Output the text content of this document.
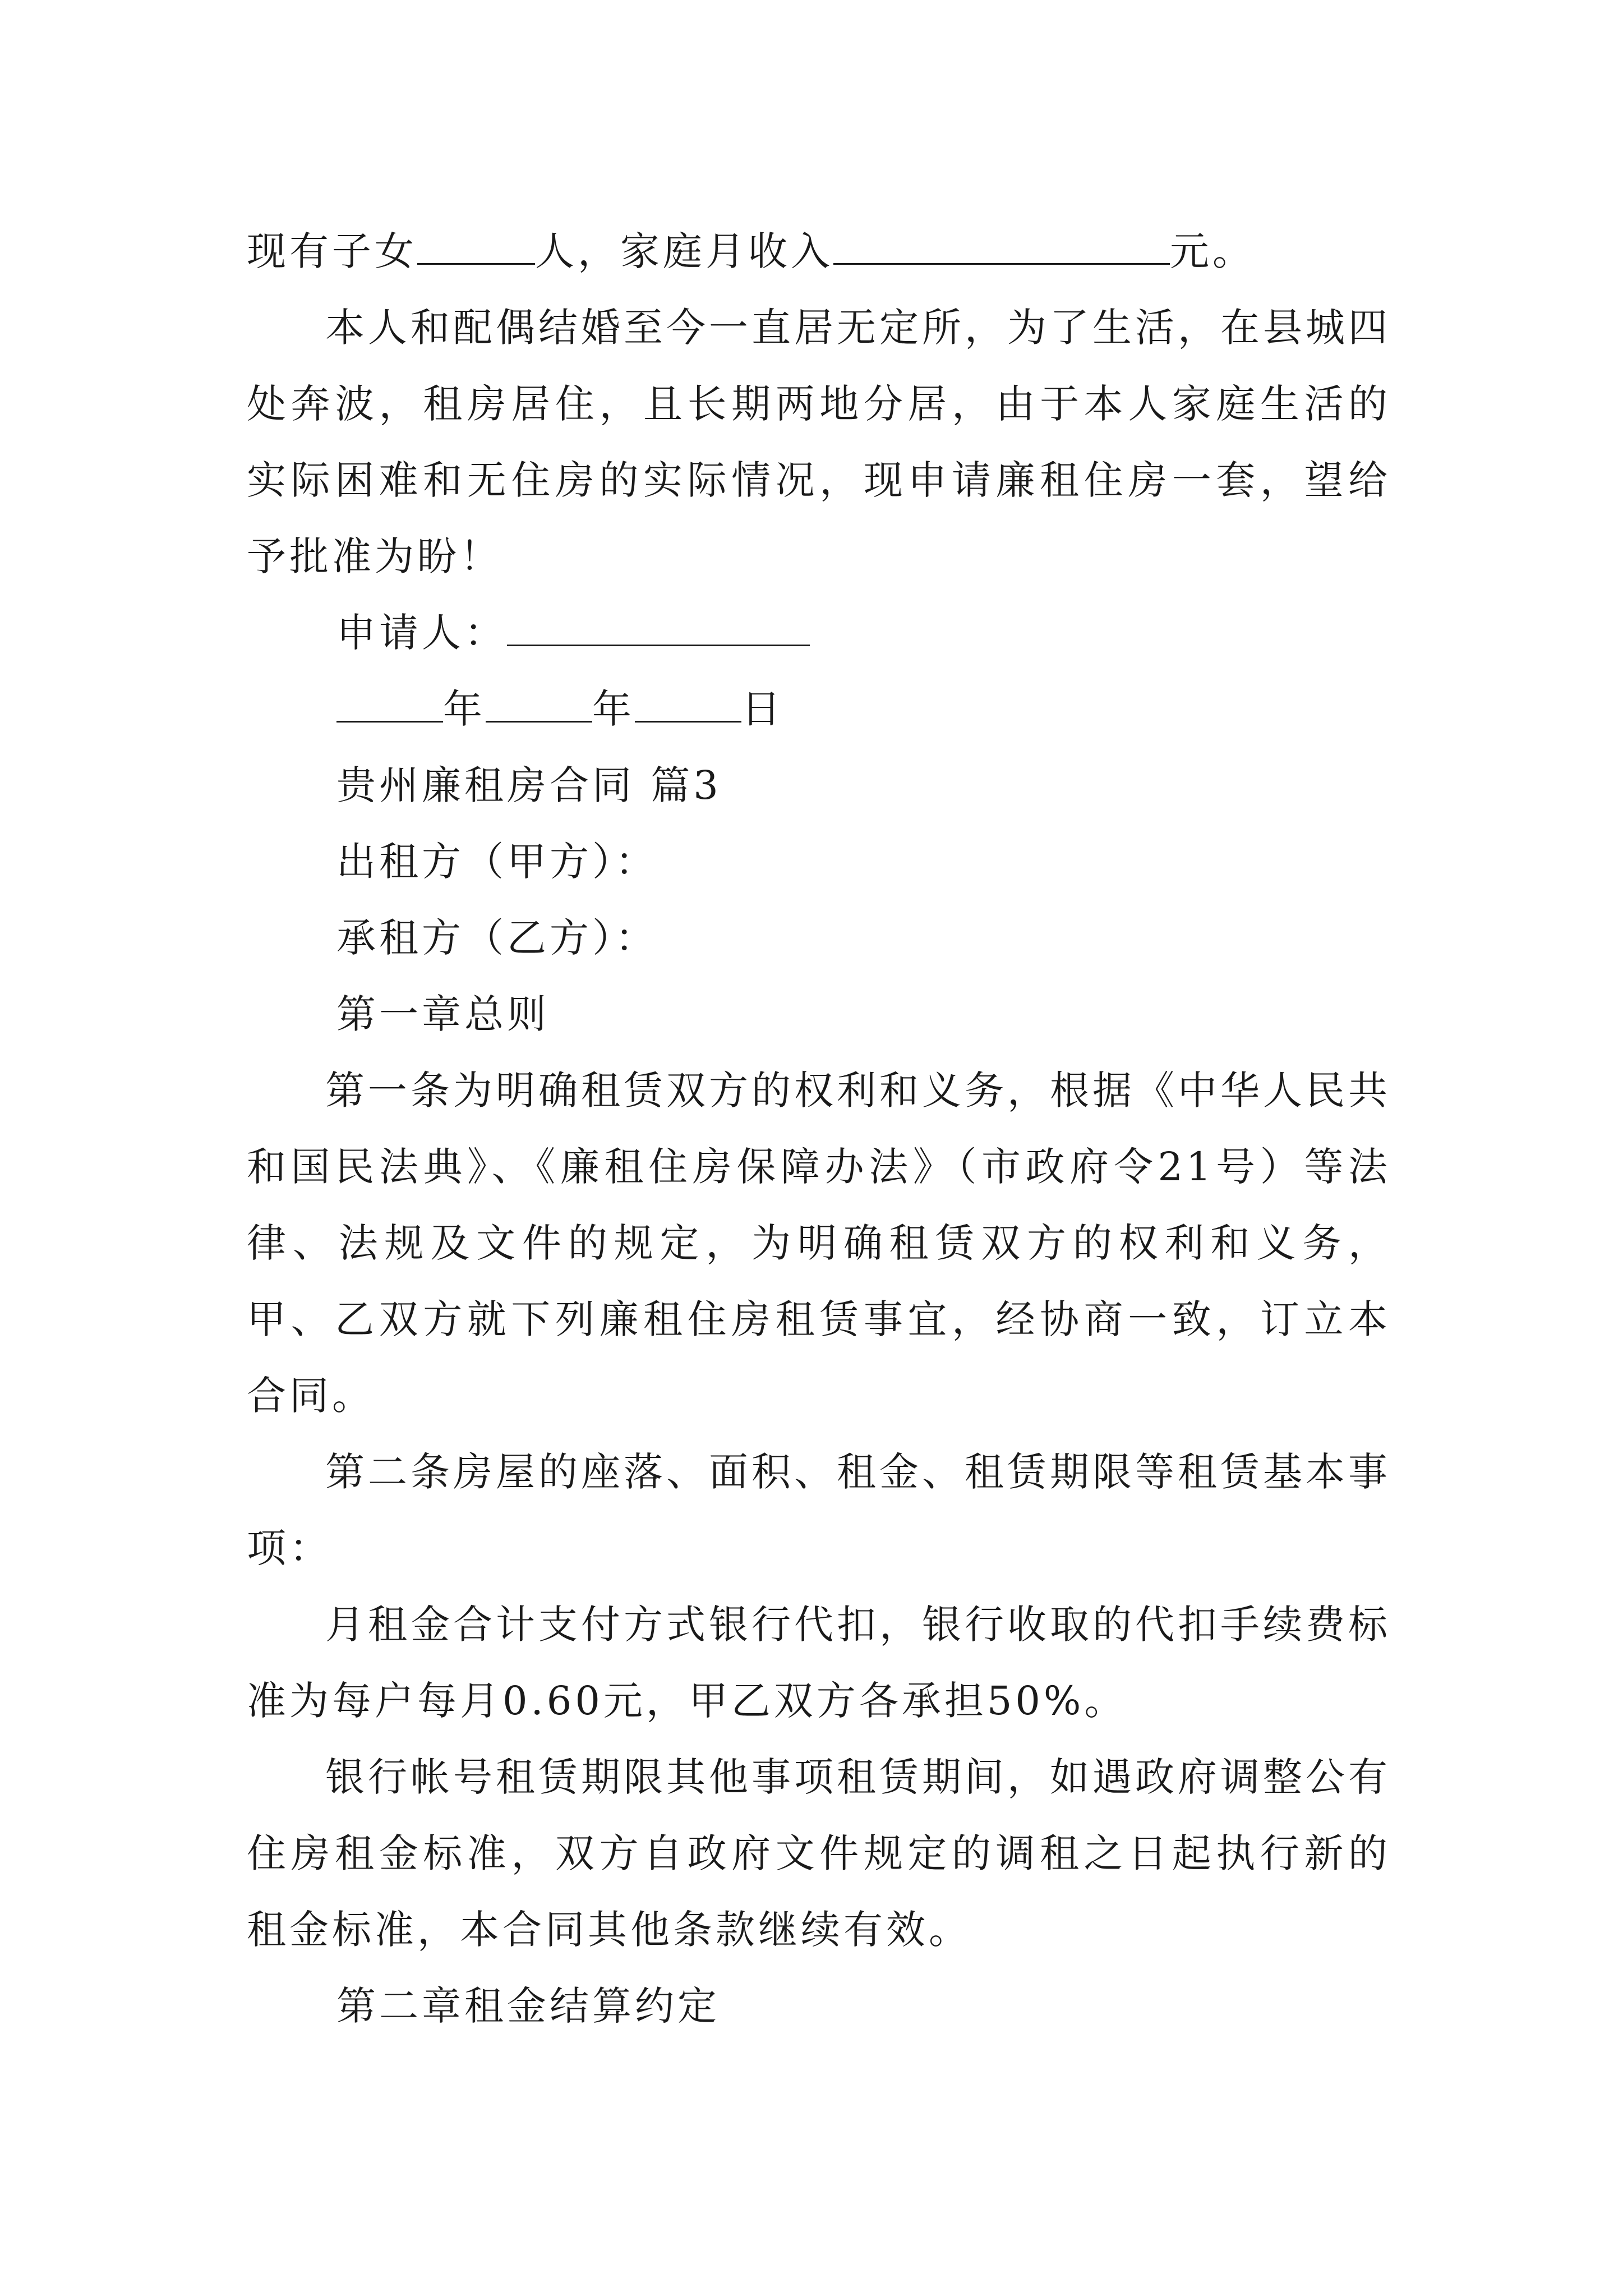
现有子女	人，家庭月收入	元。

本人和配偶结婚至今一直居无定所，为了生活，在县城四处奔波，租房居住，且长期两地分居，由于本人家庭生活的实际困难和无住房的实际情况，现申请廉租住房一套，望给予批准为盼！

申请人：

年	年	日

贵州廉租房合同 篇3

出租方（甲方）：

承租方（乙方）：

第一章总则

第一条为明确租赁双方的权利和义务，根据《中华人民共和国民法典》、《廉租住房保障办法》（市政府令21号）等法律、法规及文件的规定，为明确租赁双方的权利和义务，甲、乙双方就下列廉租住房租赁事宜，经协商一致，订立本合同。

第二条房屋的座落、面积、租金、租赁期限等租赁基本事项：

月租金合计支付方式银行代扣，银行收取的代扣手续费标准为每户每月0.60元，甲乙双方各承担50%。

银行帐号租赁期限其他事项租赁期间，如遇政府调整公有住房租金标准，双方自政府文件规定的调租之日起执行新的租金标准，本合同其他条款继续有效。

第二章租金结算约定
